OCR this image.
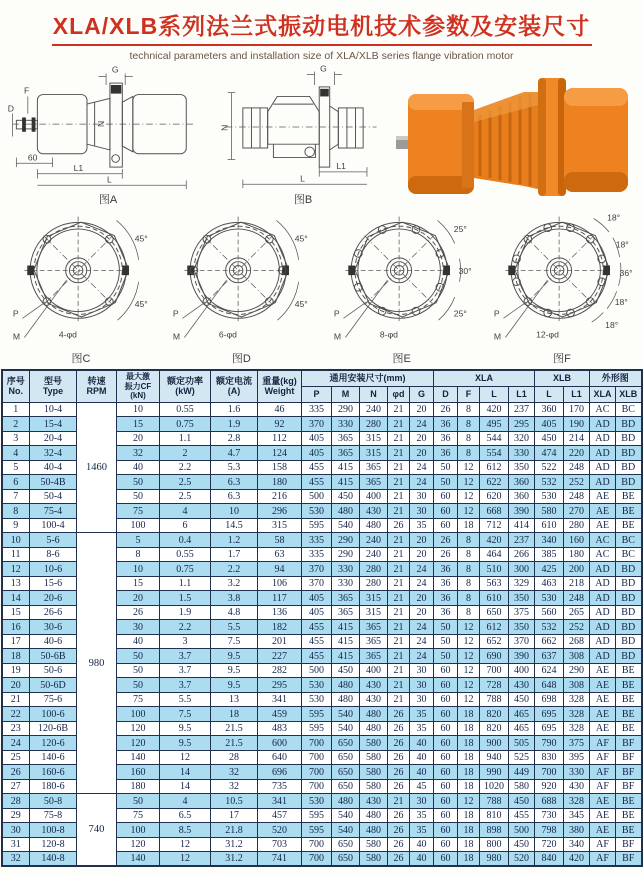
XLA/XLB系列法兰式振动电机技术参数及安装尺寸
technical parameters and installation size of XLA/XLB series flange vibration motor
G
F
D
N
60
L1
L
图A
N
G
L1
L
图B
45°
45°
P
M	4-φd
图C
45°
45°
P
M	6-φd
图D
25°
30°
25°
P
M	8-φd
图E
18°
18°
36°
18°
18°
P
M	12-φd
图F
序号
No.

型号
Type

转速
RPM

最大激
振力CF
(kN)

额定功率
(kW)

额定电流
(A)

重量(kg)
Weight
	通用安装尺寸(mm)	XLA	XLB	外形图
							P	M	N	φd	G	D	F	L	L1	L	L1	XLA	XLB
1	10-4	1460	10	0.55	1.6	46	335	290	240	21	20	26	8	420	237	360	170	AC	BC
2	15-4		15	0.75	1.9	92	370	330	280	21	24	36	8	495	295	405	190	AD	BD
3	20-4		20	1.1	2.8	112	405	365	315	21	20	36	8	544	320	450	214	AD	BD
4	32-4		32	2	4.7	124	405	365	315	21	20	36	8	554	330	474	220	AD	BD
5	40-4		40	2.2	5.3	158	455	415	365	21	24	50	12	612	350	522	248	AD	BD
6	50-4B		50	2.5	6.3	180	455	415	365	21	24	50	12	622	360	532	252	AD	BD
7	50-4		50	2.5	6.3	216	500	450	400	21	30	60	12	620	360	530	248	AE	BE
8	75-4		75	4	10	296	530	480	430	21	30	60	12	668	390	580	270	AE	BE
9	100-4		100	6	14.5	315	595	540	480	26	35	60	18	712	414	610	280	AE	BE
10	5-6	980	5	0.4	1.2	58	335	290	240	21	20	26	8	420	237	340	160	AC	BC
11	8-6		8	0.55	1.7	63	335	290	240	21	20	26	8	464	266	385	180	AC	BC
12	10-6		10	0.75	2.2	94	370	330	280	21	24	36	8	510	300	425	200	AD	BD
13	15-6		15	1.1	3.2	106	370	330	280	21	24	36	8	563	329	463	218	AD	BD
14	20-6		20	1.5	3.8	117	405	365	315	21	20	36	8	610	350	530	248	AD	BD
15	26-6		26	1.9	4.8	136	405	365	315	21	20	36	8	650	375	560	265	AD	BD
16	30-6		30	2.2	5.5	182	455	415	365	21	24	50	12	612	350	532	252	AD	BD
17	40-6		40	3	7.5	201	455	415	365	21	24	50	12	652	370	662	268	AD	BD
18	50-6B		50	3.7	9.5	227	455	415	365	21	24	50	12	690	390	637	308	AD	BD
19	50-6		50	3.7	9.5	282	500	450	400	21	30	60	12	700	400	624	290	AE	BE
20	50-6D		50	3.7	9.5	295	530	480	430	21	30	60	12	728	430	648	308	AE	BE
21	75-6		75	5.5	13	341	530	480	430	21	30	60	12	788	450	698	328	AE	BE
22	100-6		100	7.5	18	459	595	540	480	26	35	60	18	820	465	695	328	AE	BE
23	120-6B		120	9.5	21.5	483	595	540	480	26	35	60	18	820	465	695	328	AE	BE
24	120-6		120	9.5	21.5	600	700	650	580	26	40	60	18	900	505	790	375	AF	BF
25	140-6		140	12	28	640	700	650	580	26	40	60	18	940	525	830	395	AF	BF
26	160-6		160	14	32	696	700	650	580	26	40	60	18	990	449	700	330	AF	BF
27	180-6		180	14	32	735	700	650	580	26	45	60	18	1020	580	920	430	AF	BF
28	50-8	740	50	4	10.5	341	530	480	430	21	30	60	12	788	450	688	328	AE	BE
29	75-8		75	6.5	17	457	595	540	480	26	35	60	18	810	455	730	345	AE	BE
30	100-8		100	8.5	21.8	520	595	540	480	26	35	60	18	898	500	798	380	AE	BE
31	120-8		120	12	31.2	703	700	650	580	26	40	60	18	800	450	720	340	AF	BF
32	140-8		140	12	31.2	741	700	650	580	26	40	60	18	980	520	840	420	AF	BF
